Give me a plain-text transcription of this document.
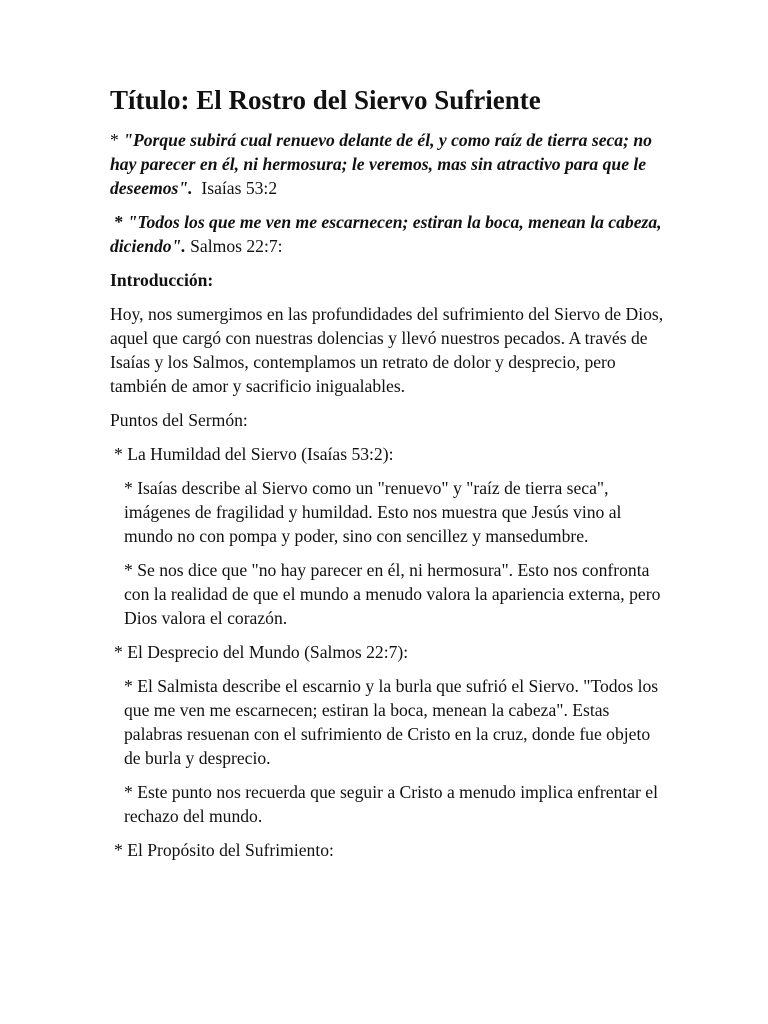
Título: El Rostro del Siervo Sufriente
* "Porque subirá cual renuevo delante de él, y como raíz de tierra seca; no hay parecer en él, ni hermosura; le veremos, mas sin atractivo para que le deseemos".  Isaías 53:2
* "Todos los que me ven me escarnecen; estiran la boca, menean la cabeza, diciendo". Salmos 22:7:
Introducción:
Hoy, nos sumergimos en las profundidades del sufrimiento del Siervo de Dios, aquel que cargó con nuestras dolencias y llevó nuestros pecados. A través de Isaías y los Salmos, contemplamos un retrato de dolor y desprecio, pero también de amor y sacrificio inigualables.
Puntos del Sermón:
* La Humildad del Siervo (Isaías 53:2):
* Isaías describe al Siervo como un "renuevo" y "raíz de tierra seca", imágenes de fragilidad y humildad. Esto nos muestra que Jesús vino al mundo no con pompa y poder, sino con sencillez y mansedumbre.
* Se nos dice que "no hay parecer en él, ni hermosura". Esto nos confronta con la realidad de que el mundo a menudo valora la apariencia externa, pero Dios valora el corazón.
* El Desprecio del Mundo (Salmos 22:7):
* El Salmista describe el escarnio y la burla que sufrió el Siervo. "Todos los que me ven me escarnecen; estiran la boca, menean la cabeza". Estas palabras resuenan con el sufrimiento de Cristo en la cruz, donde fue objeto de burla y desprecio.
* Este punto nos recuerda que seguir a Cristo a menudo implica enfrentar el rechazo del mundo.
* El Propósito del Sufrimiento:
